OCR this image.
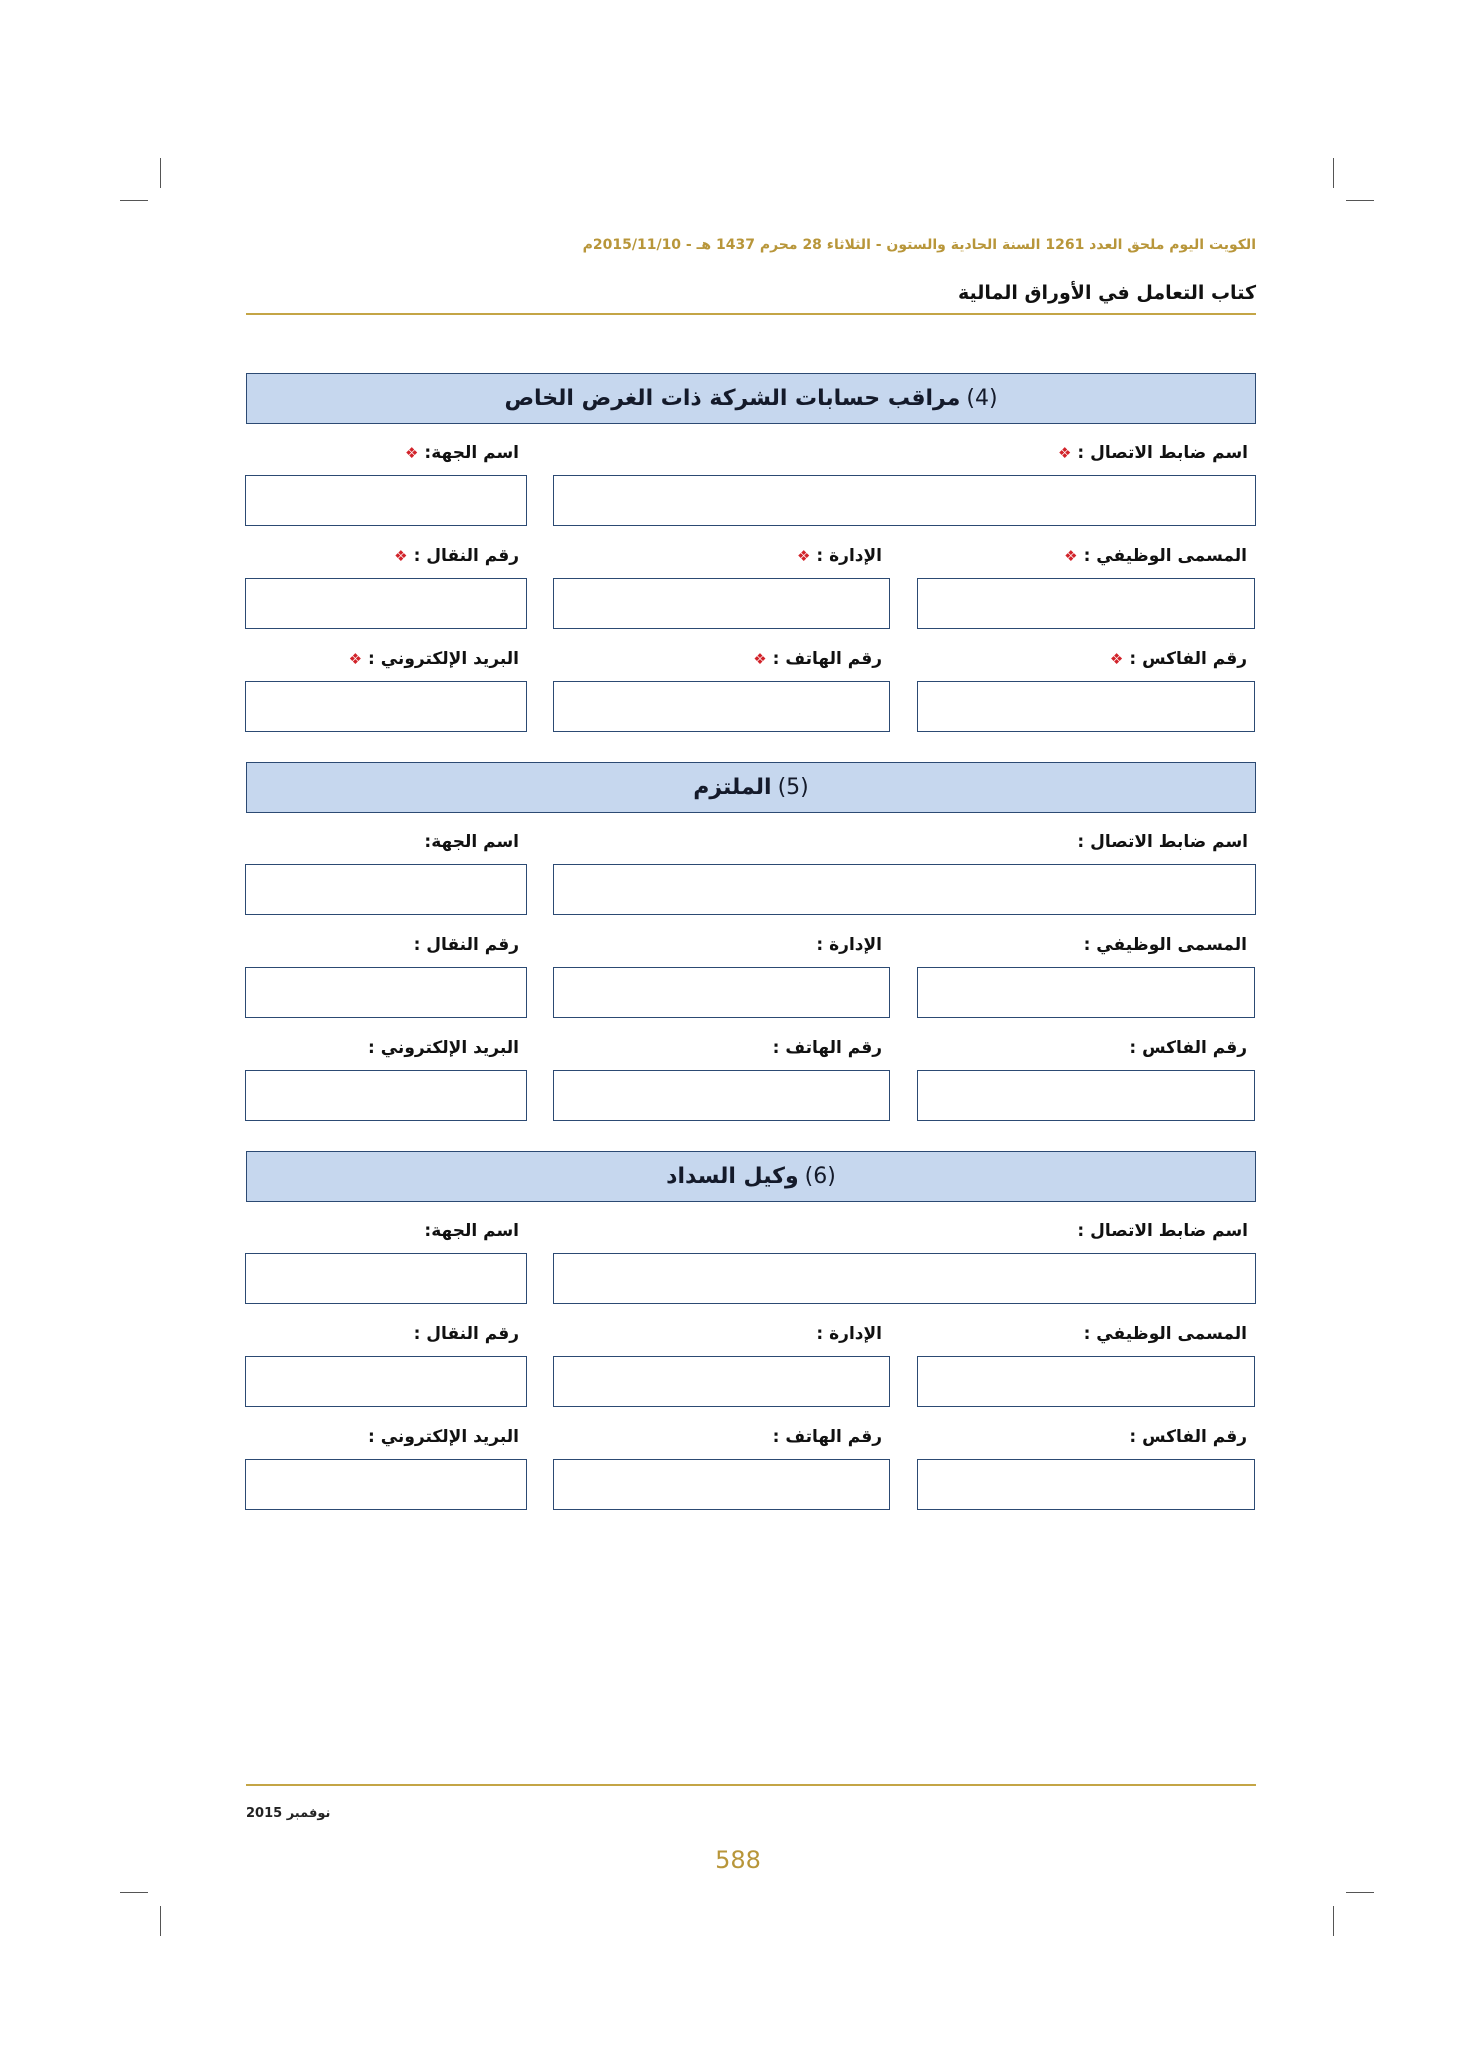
الكويت اليوم ملحق العدد 1261 السنة الحادية والستون - الثلاثاء 28 محرم 1437 هـ - 2015/11/10م
كتاب التعامل في الأوراق المالية
(4)
مراقب حسابات الشركة ذات الغرض الخاص
اسم ضابط الاتصال :❖
اسم الجهة:❖
المسمى الوظيفي :❖
الإدارة :❖
رقم النقال :❖
رقم الفاكس :❖
رقم الهاتف :❖
البريد الإلكتروني :❖
(5)
الملتزم
اسم ضابط الاتصال :
اسم الجهة:
المسمى الوظيفي :
الإدارة :
رقم النقال :
رقم الفاكس :
رقم الهاتف :
البريد الإلكتروني :
(6)
وكيل السداد
اسم ضابط الاتصال :
اسم الجهة:
المسمى الوظيفي :
الإدارة :
رقم النقال :
رقم الفاكس :
رقم الهاتف :
البريد الإلكتروني :
نوفمبر 2015
588
